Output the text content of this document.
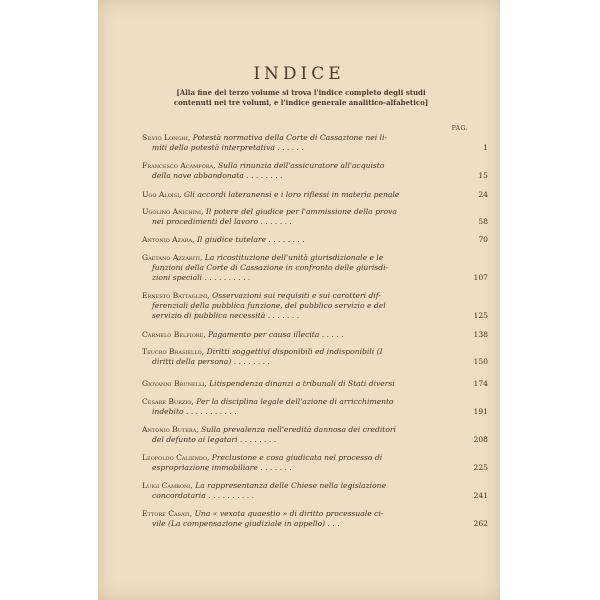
INDICE
[Alla fine del terzo volume si trova l'indice completo degli studi contenuti nei tre volumi, e l'indice generale analitico-alfabetico]
PAG.
Silvio Longhi, Potestà normativa della Corte di Cassazione nei li-
miti della potestà interpretativa . . . . . .	1
Francesco Acampora, Sulla rinunzia dell'assicuratore all'acquisto
della nave abbandonata . . . . . . . .	15
Ugo Aloisi, Gli accordi lateranensi e i loro riflessi in materia penale	24
Ugolino Anichini, Il potere del giudice per l'ammissione della prova
nei procedimenti del lavoro . . . . . . .	58
Antonio Azara, Il giudice tutelare . . . . . . . .	70
Gaetano Azzariti, La ricostituzione dell'unità giurisdizionale e le
funzioni della Corte di Cassazione in confronto delle giurisdi-
zioni speciali . . . . . . . . . .	107
Ernesto Battaglini, Osservazioni sui requisiti e sui caratteri dif-
ferenziali della pubblica funzione, del pubblico servizio e del
servizio di pubblica necessità . . . . . . .	125
Carmelo Belfiore, Pagamento per causa illecita . . . . .	138
Teucro Brasiello, Diritti soggettivi disponibili ed indisponibili (I
diritti della persona) . . . . . . . .	150
Giovanni Brunelli, Litispendenza dinanzi a tribunali di Stati diversi	174
Cesare Burzio, Per la disciplina legale dell'azione di arricchimento
indebito . . . . . . . . . . .	191
Antonio Butera, Sulla prevalenza nell'eredità dannosa dei creditori
del defunto ai legatari . . . . . . . .	208
Leopoldo Caliendo, Preclusione e cosa giudicata nel processo di
espropriazione immobiliare . . . . . . .	225
Luigi Camboni, La rappresentanza delle Chiese nella legislazione
concordataria . . . . . . . . . .	241
Ettore Casati, Una « vexata quaestio » di diritto processuale ci-
vile (La compensazione giudiziale in appello) . . .	262
